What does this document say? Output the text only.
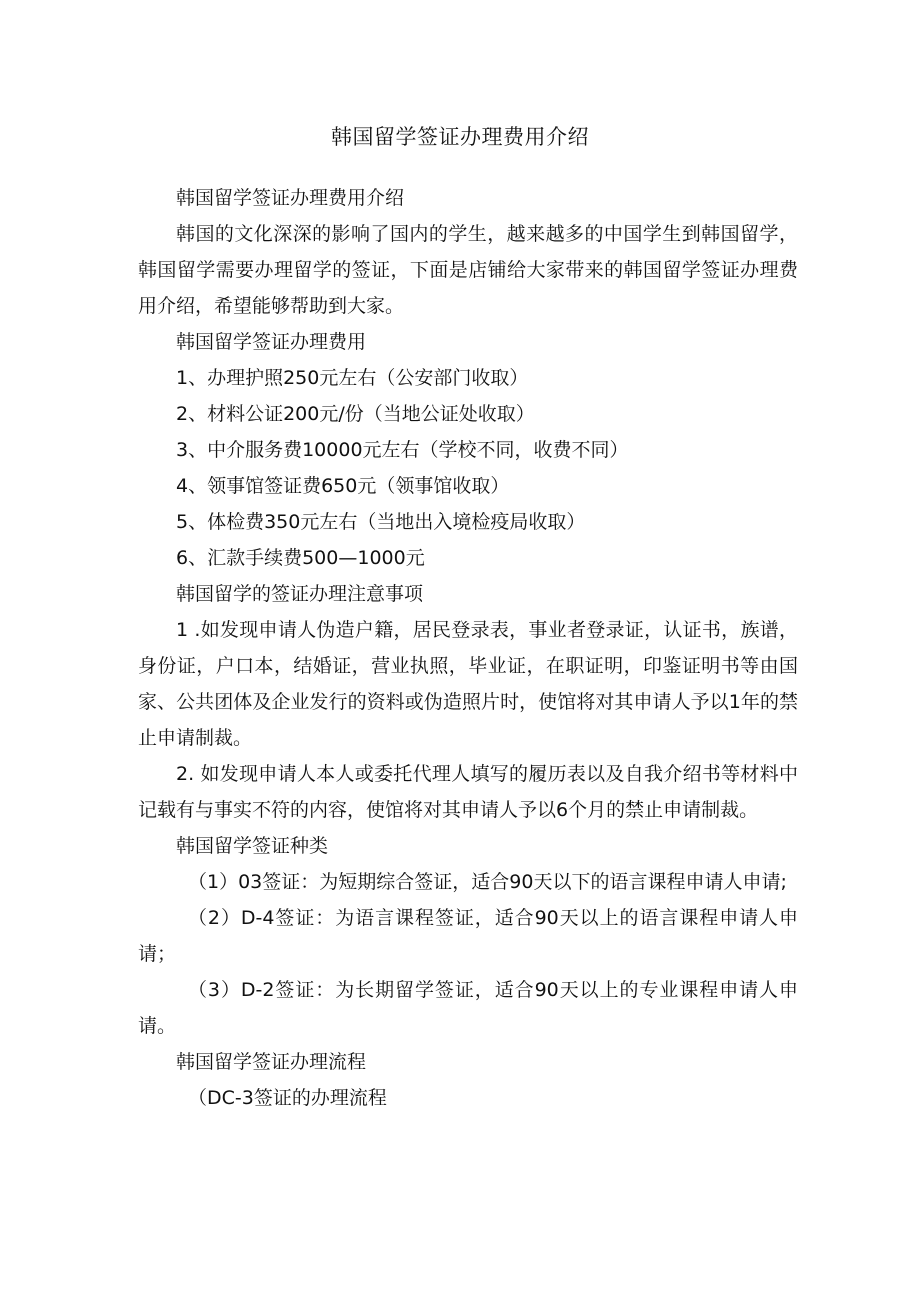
韩国留学签证办理费用介绍

韩国留学签证办理费用介绍

韩国的文化深深的影响了国内的学生，越来越多的中国学生到韩国留学，韩国留学需要办理留学的签证，下面是店铺给大家带来的韩国留学签证办理费用介绍，希望能够帮助到大家。

韩国留学签证办理费用

1、办理护照250元左右（公安部门收取）

2、材料公证200元/份（当地公证处收取）

3、中介服务费10000元左右（学校不同，收费不同）

4、领事馆签证费650元（领事馆收取）

5、体检费350元左右（当地出入境检疫局收取）

6、汇款手续费500—1000元

韩国留学的签证办理注意事项

1 .如发现申请人伪造户籍，居民登录表，事业者登录证，认证书，族谱，身份证，户口本，结婚证，营业执照，毕业证，在职证明，印鉴证明书等由国家、公共团体及企业发行的资料或伪造照片时，使馆将对其申请人予以1年的禁止申请制裁。

2. 如发现申请人本人或委托代理人填写的履历表以及自我介绍书等材料中记载有与事实不符的内容，使馆将对其申请人予以6个月的禁止申请制裁。

韩国留学签证种类

（1）03签证：为短期综合签证，适合90天以下的语言课程申请人申请;

（2）D-4签证：为语言课程签证，适合90天以上的语言课程申请人申请；

（3）D-2签证：为长期留学签证，适合90天以上的专业课程申请人申请。

韩国留学签证办理流程

（DC-3签证的办理流程
